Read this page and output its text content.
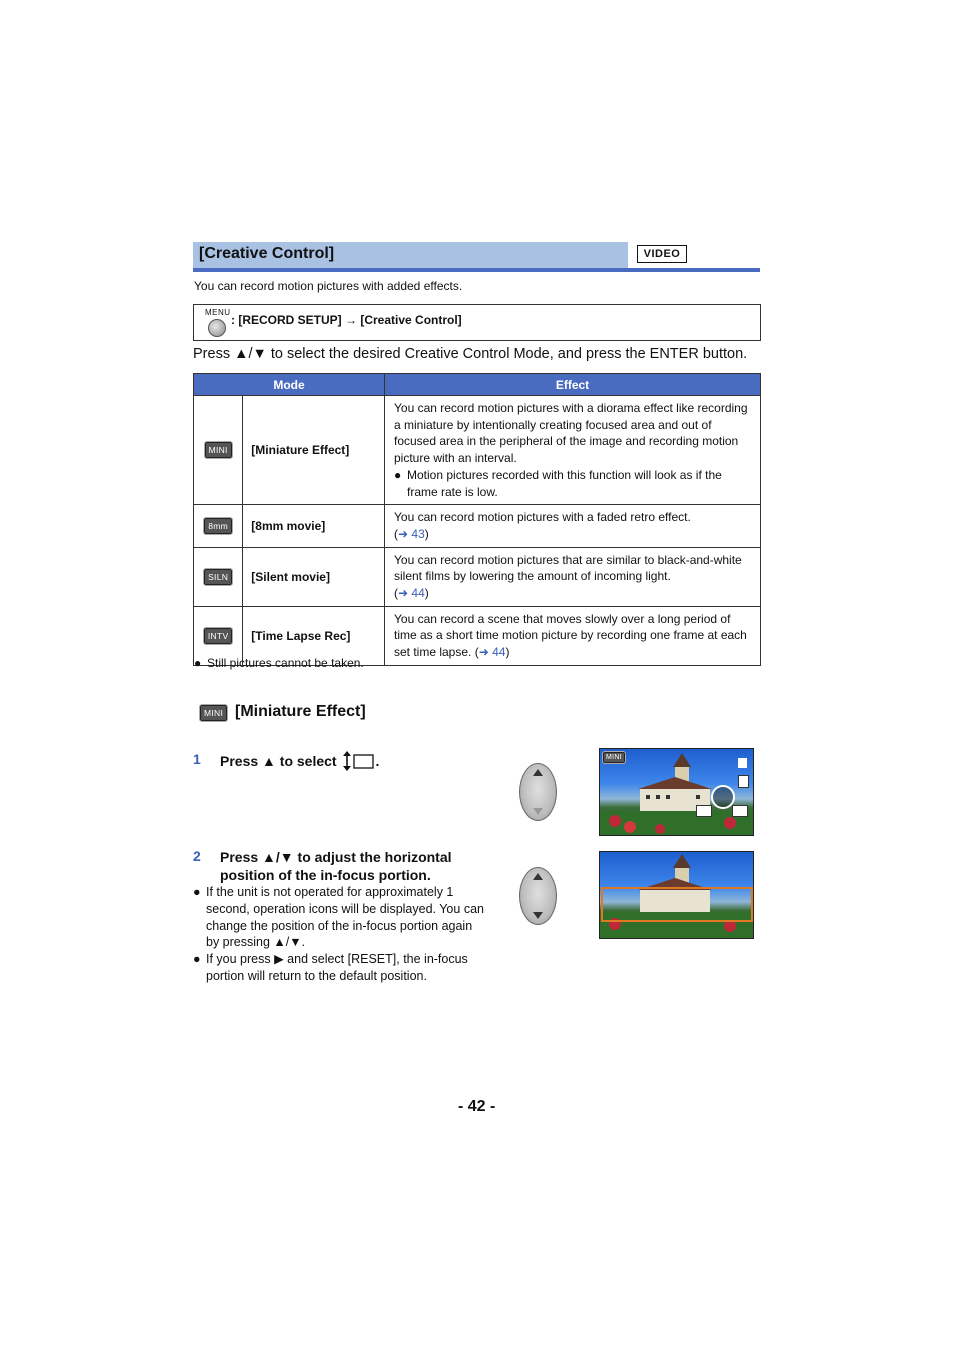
[Creative Control]	VIDEO
You can record motion pictures with added effects.
MENU
: [RECORD SETUP] → [Creative Control]
Press ▲/▼ to select the desired Creative Control Mode, and press the ENTER button.
Mode		Effect
MINI	[Miniature Effect]	You can record motion pictures with a diorama effect like recording a miniature by intentionally creating focused area and out of focused area in the peripheral of the image and recording motion picture with an interval.
● Motion pictures recorded with this function will look as if the frame rate is low.

8mm	[8mm movie]	You can record motion pictures with a faded retro effect.
(➜ 43)

SILN	[Silent movie]	You can record motion pictures that are similar to black-and-white silent films by lowering the amount of incoming light.
(➜ 44)

INTV	[Time Lapse Rec]	You can record a scene that moves slowly over a long period of time as a short time motion picture by recording one frame at each set time lapse. (➜ 44)
● Still pictures cannot be taken.
MINI [Miniature Effect]
1 Press ▲ to select	.
2 Press ▲/▼ to adjust the horizontal position of the in-focus portion.
● If the unit is not operated for approximately 1 second, operation icons will be displayed. You can change the position of the in-focus portion again by pressing ▲/▼.
● If you press ▶ and select [RESET], the in-focus portion will return to the default position.
MINI
- 42 -
